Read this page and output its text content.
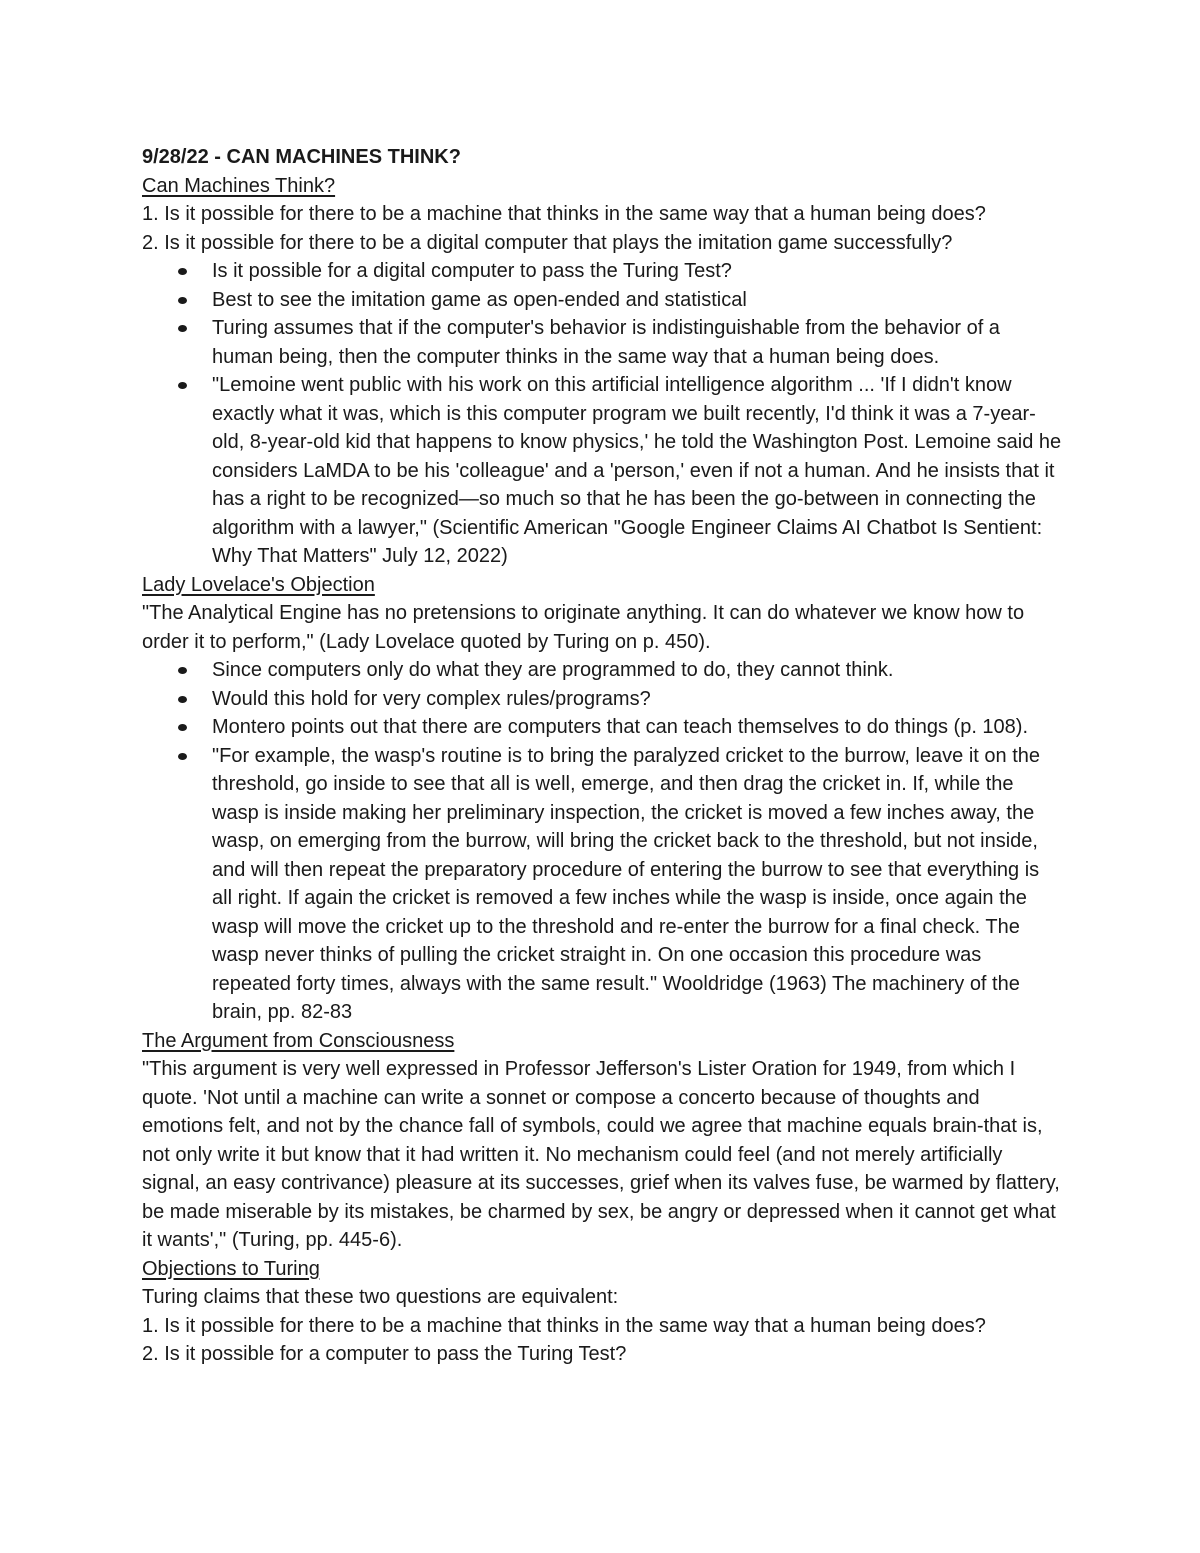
9/28/22 - CAN MACHINES THINK?
Can Machines Think?

1. Is it possible for there to be a machine that thinks in the same way that a human being does?

2. Is it possible for there to be a digital computer that plays the imitation game successfully?

Is it possible for a digital computer to pass the Turing Test?
Best to see the imitation game as open-ended and statistical
Turing assumes that if the computer's behavior is indistinguishable from the behavior of a human being, then the computer thinks in the same way that a human being does.
"Lemoine went public with his work on this artificial intelligence algorithm ... 'If I didn't know exactly what it was, which is this computer program we built recently, I'd think it was a 7-year-old, 8-year-old kid that happens to know physics,' he told the Washington Post. Lemoine said he considers LaMDA to be his 'colleague' and a 'person,' even if not a human. And he insists that it has a right to be recognized—so much so that he has been the go-between in connecting the algorithm with a lawyer," (Scientific American "Google Engineer Claims AI Chatbot Is Sentient: Why That Matters" July 12, 2022)
Lady Lovelace's Objection

"The Analytical Engine has no pretensions to originate anything. It can do whatever we know how to order it to perform," (Lady Lovelace quoted by Turing on p. 450).

Since computers only do what they are programmed to do, they cannot think.
Would this hold for very complex rules/programs?
Montero points out that there are computers that can teach themselves to do things (p. 108).
"For example, the wasp's routine is to bring the paralyzed cricket to the burrow, leave it on the threshold, go inside to see that all is well, emerge, and then drag the cricket in. If, while the wasp is inside making her preliminary inspection, the cricket is moved a few inches away, the wasp, on emerging from the burrow, will bring the cricket back to the threshold, but not inside, and will then repeat the preparatory procedure of entering the burrow to see that everything is all right. If again the cricket is removed a few inches while the wasp is inside, once again the wasp will move the cricket up to the threshold and re-enter the burrow for a final check. The wasp never thinks of pulling the cricket straight in. On one occasion this procedure was repeated forty times, always with the same result." Wooldridge (1963) The machinery of the brain, pp. 82-83
The Argument from Consciousness

"This argument is very well expressed in Professor Jefferson's Lister Oration for 1949, from which I quote. 'Not until a machine can write a sonnet or compose a concerto because of thoughts and emotions felt, and not by the chance fall of symbols, could we agree that machine equals brain-that is, not only write it but know that it had written it. No mechanism could feel (and not merely artificially signal, an easy contrivance) pleasure at its successes, grief when its valves fuse, be warmed by flattery, be made miserable by its mistakes, be charmed by sex, be angry or depressed when it cannot get what it wants'," (Turing, pp. 445-6).

Objections to Turing

Turing claims that these two questions are equivalent:

1. Is it possible for there to be a machine that thinks in the same way that a human being does?

2. Is it possible for a computer to pass the Turing Test?
